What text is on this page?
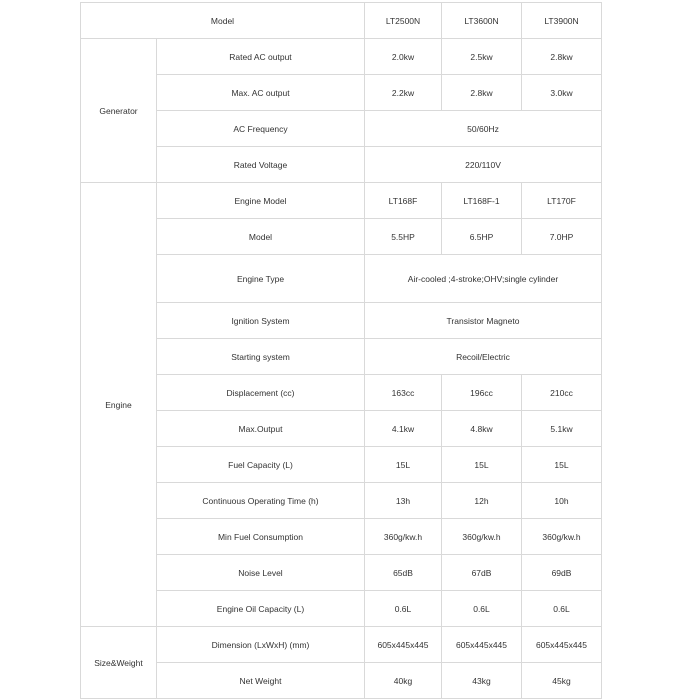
Model		LT2500N	LT3600N	LT3900N
Generator	Rated AC output	2.0kw	2.5kw	2.8kw
	Max. AC output	2.2kw	2.8kw	3.0kw
	AC Frequency	50/60Hz		
	Rated Voltage	220/110V		
Engine	Engine Model	LT168F	LT168F-1	LT170F
	Model	5.5HP	6.5HP	7.0HP
	Engine Type	Air-cooled ;4-stroke;OHV;single cylinder		
	Ignition System	Transistor Magneto		
	Starting system	Recoil/Electric		
	Displacement (cc)	163cc	196cc	210cc
	Max.Output	4.1kw	4.8kw	5.1kw
	Fuel Capacity (L)	15L	15L	15L
	Continuous Operating Time (h)	13h	12h	10h
	Min Fuel Consumption	360g/kw.h	360g/kw.h	360g/kw.h
	Noise Level	65dB	67dB	69dB
	Engine Oil Capacity (L)	0.6L	0.6L	0.6L
Size&Weight	Dimension (LxWxH) (mm)	605x445x445	605x445x445	605x445x445
	Net Weight	40kg	43kg	45kg
